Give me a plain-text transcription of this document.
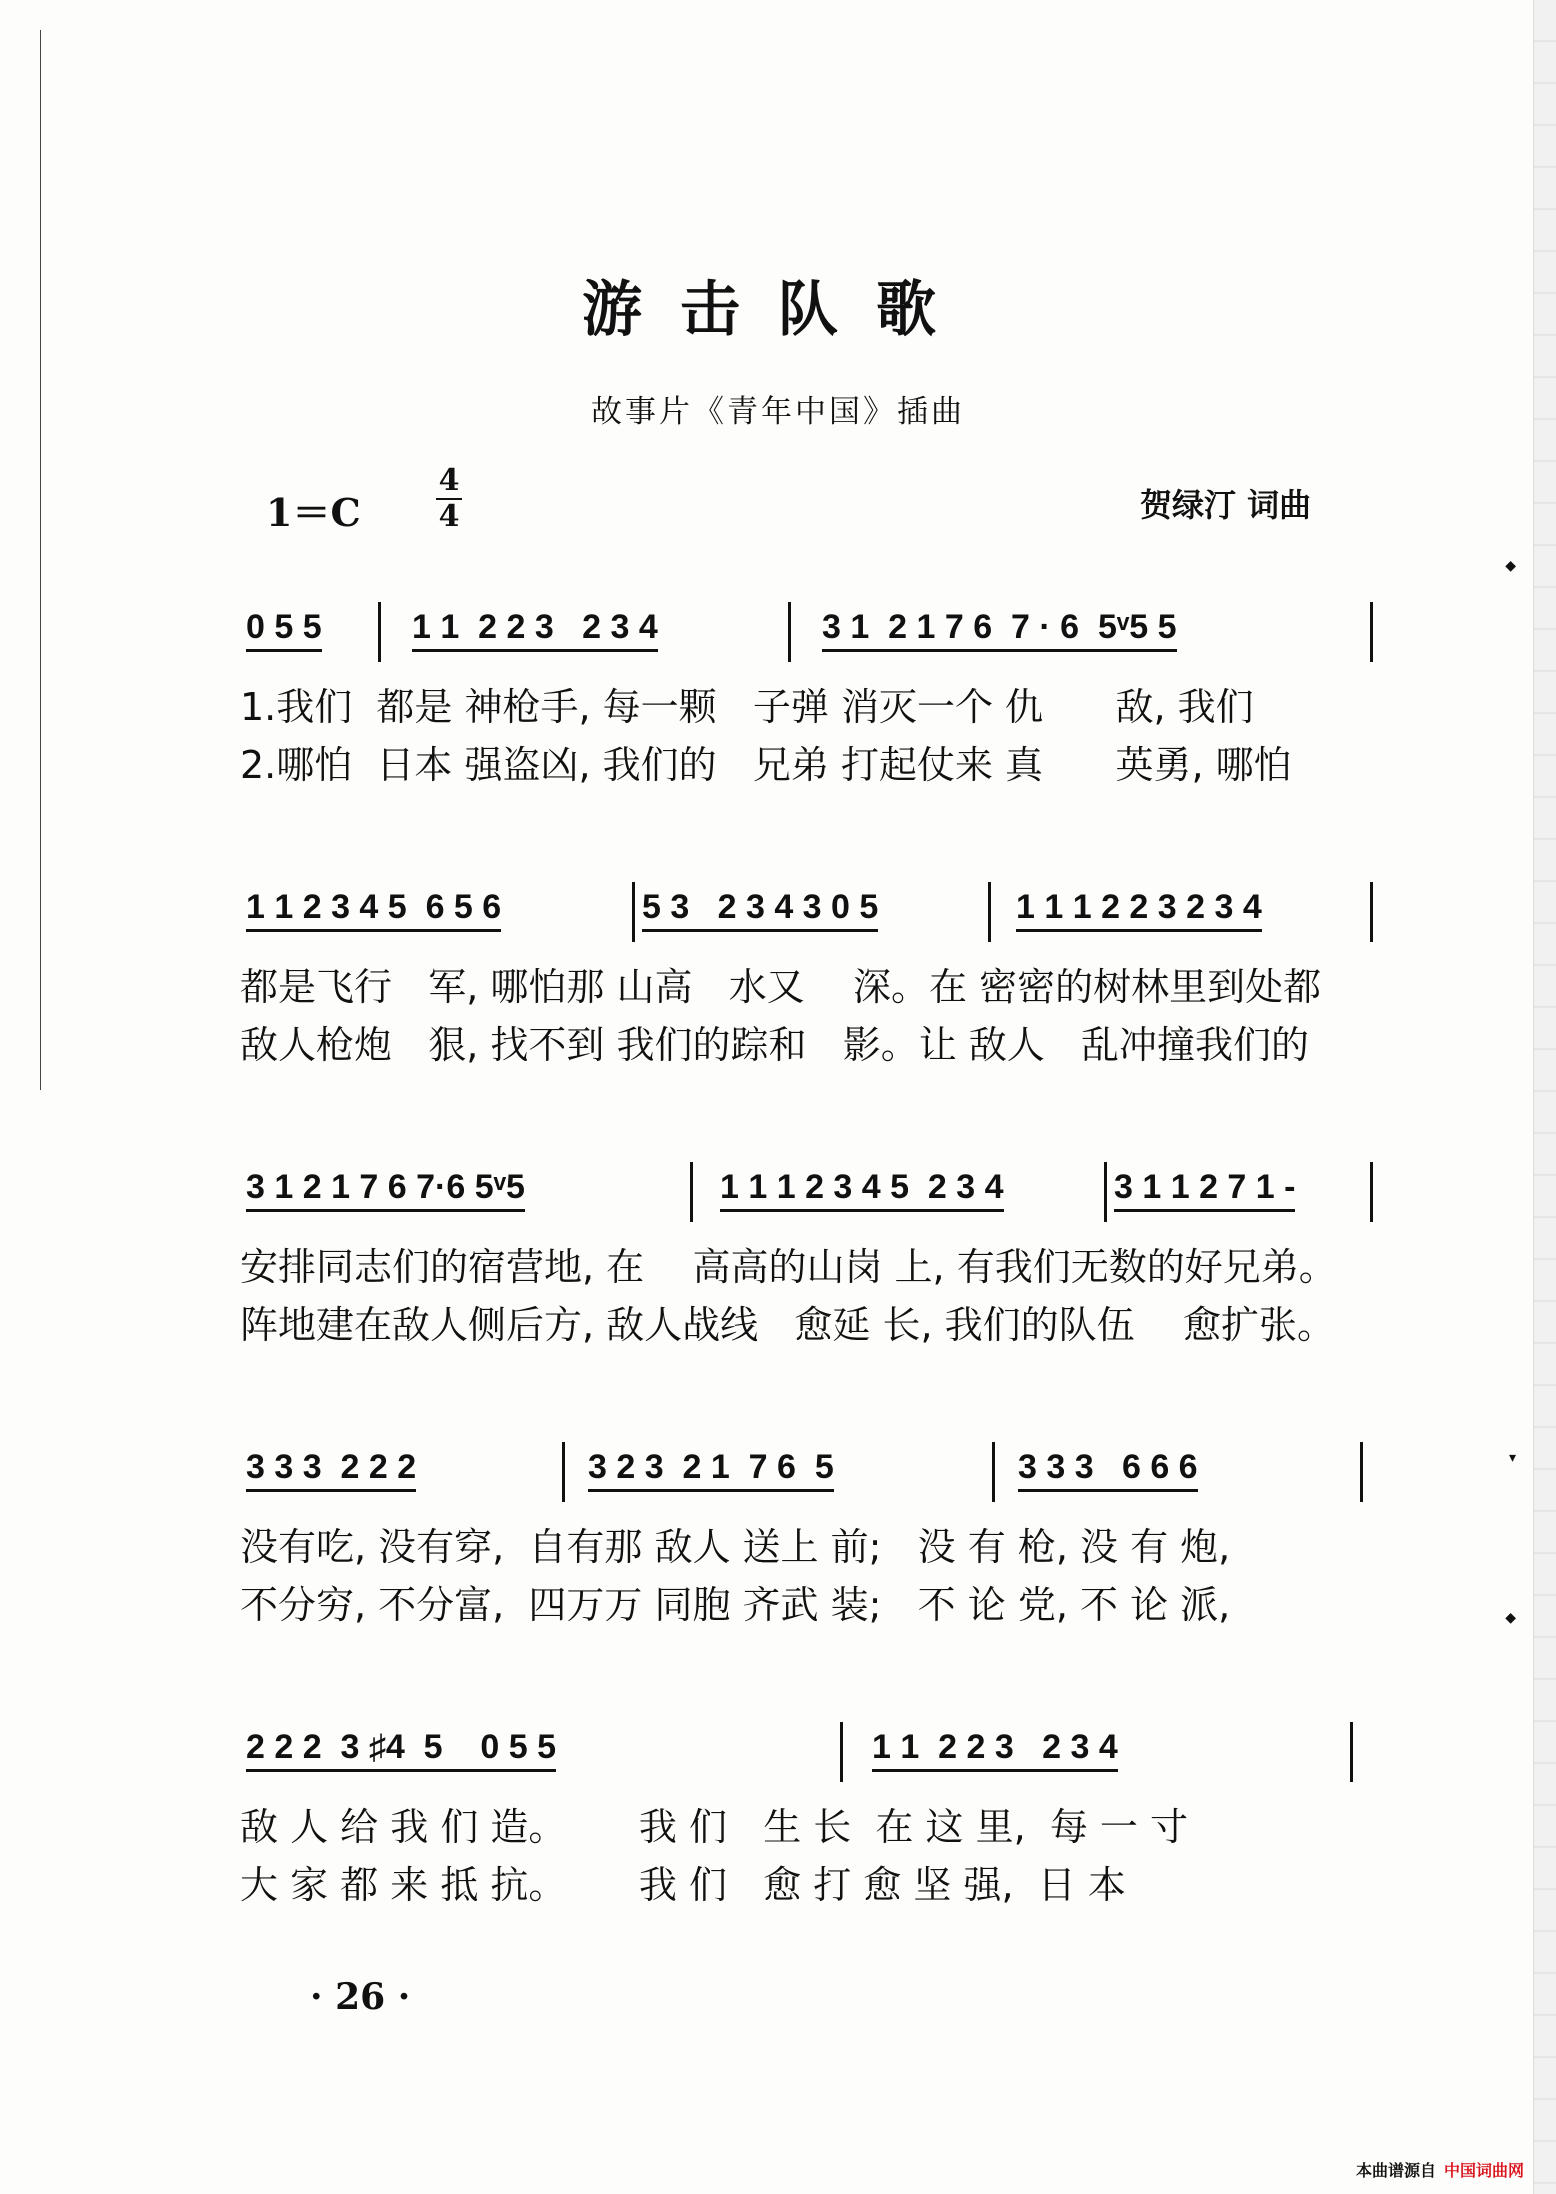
◆
▾
◆
游击队歌
故事片《青年中国》插曲
1＝C	$\frac{4}{4}$	贺绿汀 词曲
0 5 5	1 1  2 2 3   2 3 4	3 1  2 1 7 6  7 · 6  5ᵛ5 5
1.我们  都是 神枪手, 每一颗   子弹 消灭一个 仇      敌, 我们
2.哪怕  日本 强盗凶, 我们的   兄弟 打起仗来 真      英勇, 哪怕
1 1 2 3 4 5  6 5 6	5 3   2 3 4 3 0 5	1 1 1 2 2 3 2 3 4
都是飞行   军, 哪怕那 山高   水又    深。在 密密的树林里到处都
敌人枪炮   狠, 找不到 我们的踪和   影。让 敌人   乱冲撞我们的
3 1 2 1 7 6 7·6 5ᵛ5	1 1 1 2 3 4 5  2 3 4	3 1 1 2 7 1 -
安排同志们的宿营地, 在    高高的山岗 上, 有我们无数的好兄弟。
阵地建在敌人侧后方, 敌人战线   愈延 长, 我们的队伍    愈扩张。
3 3 3  2 2 2	3 2 3  2 1  7 6  5	3 3 3   6 6 6
没有吃, 没有穿,  自有那 敌人 送上 前;   没 有 枪, 没 有 炮,
不分穷, 不分富,  四万万 同胞 齐武 装;   不 论 党, 不 论 派,
2 2 2  3 ♯4  5    0 5 5	1 1  2 2 3   2 3 4
敌 人 给 我 们 造。      我 们   生 长  在 这 里,  每 一 寸
大 家 都 来 抵 抗。      我 们   愈 打 愈 坚 强,  日 本
· 26 ·
本曲谱源自 中国词曲网
